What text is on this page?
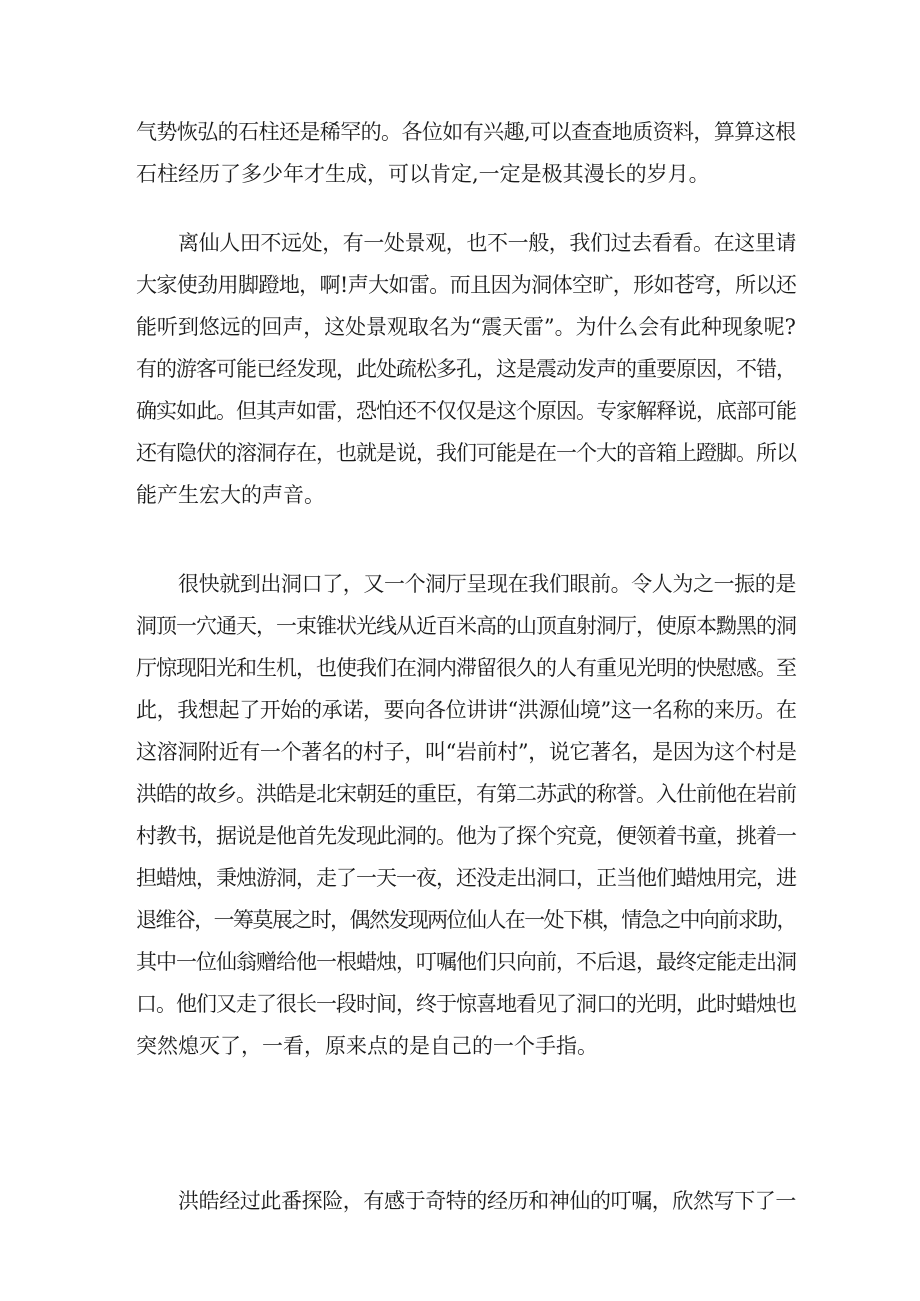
气势恢弘的石柱还是稀罕的。各位如有兴趣,可以查查地质资料，算算这根
石柱经历了多少年才生成，可以肯定,一定是极其漫长的岁月。

离仙人田不远处，有一处景观，也不一般，我们过去看看。在这里请
大家使劲用脚蹬地，啊!声大如雷。而且因为洞体空旷，形如苍穹，所以还
能听到悠远的回声，这处景观取名为“震天雷”。为什么会有此种现象呢?
有的游客可能已经发现，此处疏松多孔，这是震动发声的重要原因，不错，
确实如此。但其声如雷，恐怕还不仅仅是这个原因。专家解释说，底部可能
还有隐伏的溶洞存在，也就是说，我们可能是在一个大的音箱上蹬脚。所以
能产生宏大的声音。

很快就到出洞口了，又一个洞厅呈现在我们眼前。令人为之一振的是
洞顶一穴通天，一束锥状光线从近百米高的山顶直射洞厅，使原本黝黑的洞
厅惊现阳光和生机，也使我们在洞内滞留很久的人有重见光明的快慰感。至
此，我想起了开始的承诺，要向各位讲讲“洪源仙境”这一名称的来历。在
这溶洞附近有一个著名的村子，叫“岩前村”，说它著名，是因为这个村是
洪皓的故乡。洪皓是北宋朝廷的重臣，有第二苏武的称誉。入仕前他在岩前
村教书，据说是他首先发现此洞的。他为了探个究竟，便领着书童，挑着一
担蜡烛，秉烛游洞，走了一天一夜，还没走出洞口，正当他们蜡烛用完，进
退维谷，一筹莫展之时，偶然发现两位仙人在一处下棋，情急之中向前求助，
其中一位仙翁赠给他一根蜡烛，叮嘱他们只向前，不后退，最终定能走出洞
口。他们又走了很长一段时间，终于惊喜地看见了洞口的光明，此时蜡烛也
突然熄灭了，一看，原来点的是自己的一个手指。

洪皓经过此番探险，有感于奇特的经历和神仙的叮嘱，欣然写下了一
